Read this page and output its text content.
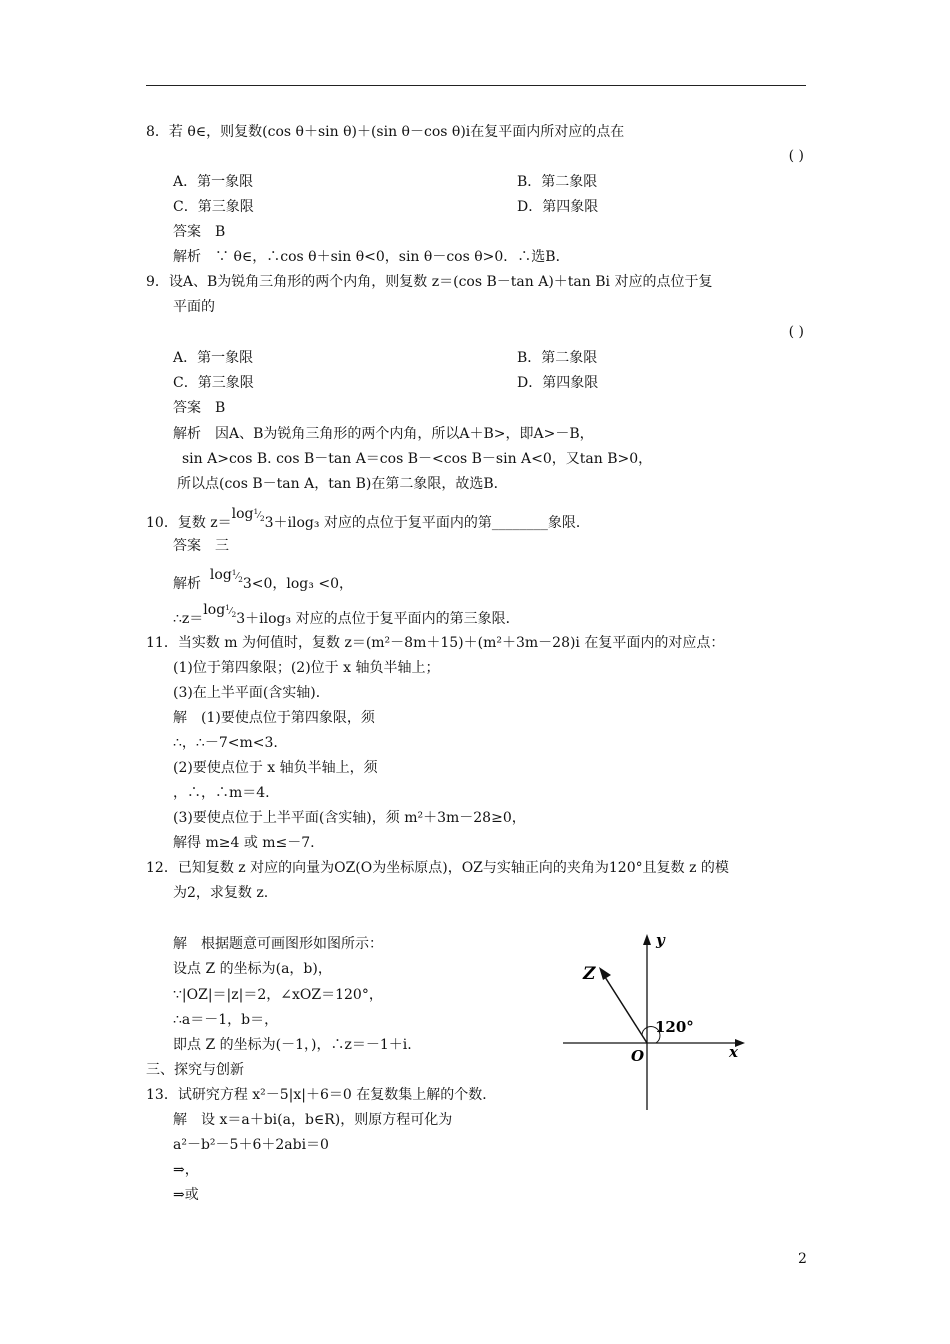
8．若 θ∈，则复数(cos θ＋sin θ)＋(sin θ－cos θ)i在复平面内所对应的点在
( )
A．第一象限	B．第二象限
C．第三象限	D．第四象限
答案　B
解析　∵ θ∈，∴cos θ＋sin θ<0，sin θ－cos θ>0．∴选B．
9．设A、B为锐角三角形的两个内角，则复数 z＝(cos B－tan A)＋tan Bi 对应的点位于复
平面的
( )
A．第一象限	B．第二象限
C．第三象限	D．第四象限
答案　B
解析　因A、B为锐角三角形的两个内角，所以A＋B>，即A>－B，
sin A>cos B. cos B－tan A＝cos B－<cos B－sin A<0，又tan B>0，
所以点(cos B－tan A，tan B)在第二象限，故选B．
10．复数 $z=\log^1⁄_23+ilog_3$ 对应的点位于复平面内的第________象限．
答案　三
解析  $\log^1⁄_23<0$，log₃ <0，
$\therefore z=\log^1⁄_23+ilog_3$ 对应的点位于复平面内的第三象限．
11．当实数 m 为何值时，复数 z＝(m²－8m＋15)＋(m²＋3m－28)i 在复平面内的对应点：
(1)位于第四象限；(2)位于 x 轴负半轴上；
(3)在上半平面(含实轴)．
解　(1)要使点位于第四象限，须
∴，∴－7<m<3.
(2)要使点位于 x 轴负半轴上，须
，∴，∴m＝4.
(3)要使点位于上半平面(含实轴)，须 m²＋3m－28≥0，
解得 m≥4 或 m≤－7.
12．已知复数 z 对应的向量为OZ(O为坐标原点)，OZ与实轴正向的夹角为120°且复数 z 的模
为2，求复数 z.
解　根据题意可画图形如图所示：
设点 Z 的坐标为(a，b)，
∵|OZ|＝|z|＝2，∠xOZ＝120°，
∴a＝－1，b＝，
即点 Z 的坐标为(－1，)，∴z＝－1＋i.
y
x
Z
O
120°
三、探究与创新
13．试研究方程 x²－5|x|＋6＝0 在复数集上解的个数．
解　设 x＝a＋bi(a，b∈R)，则原方程可化为
a²－b²－5＋6＋2abi＝0
⇒，
⇒或
2
